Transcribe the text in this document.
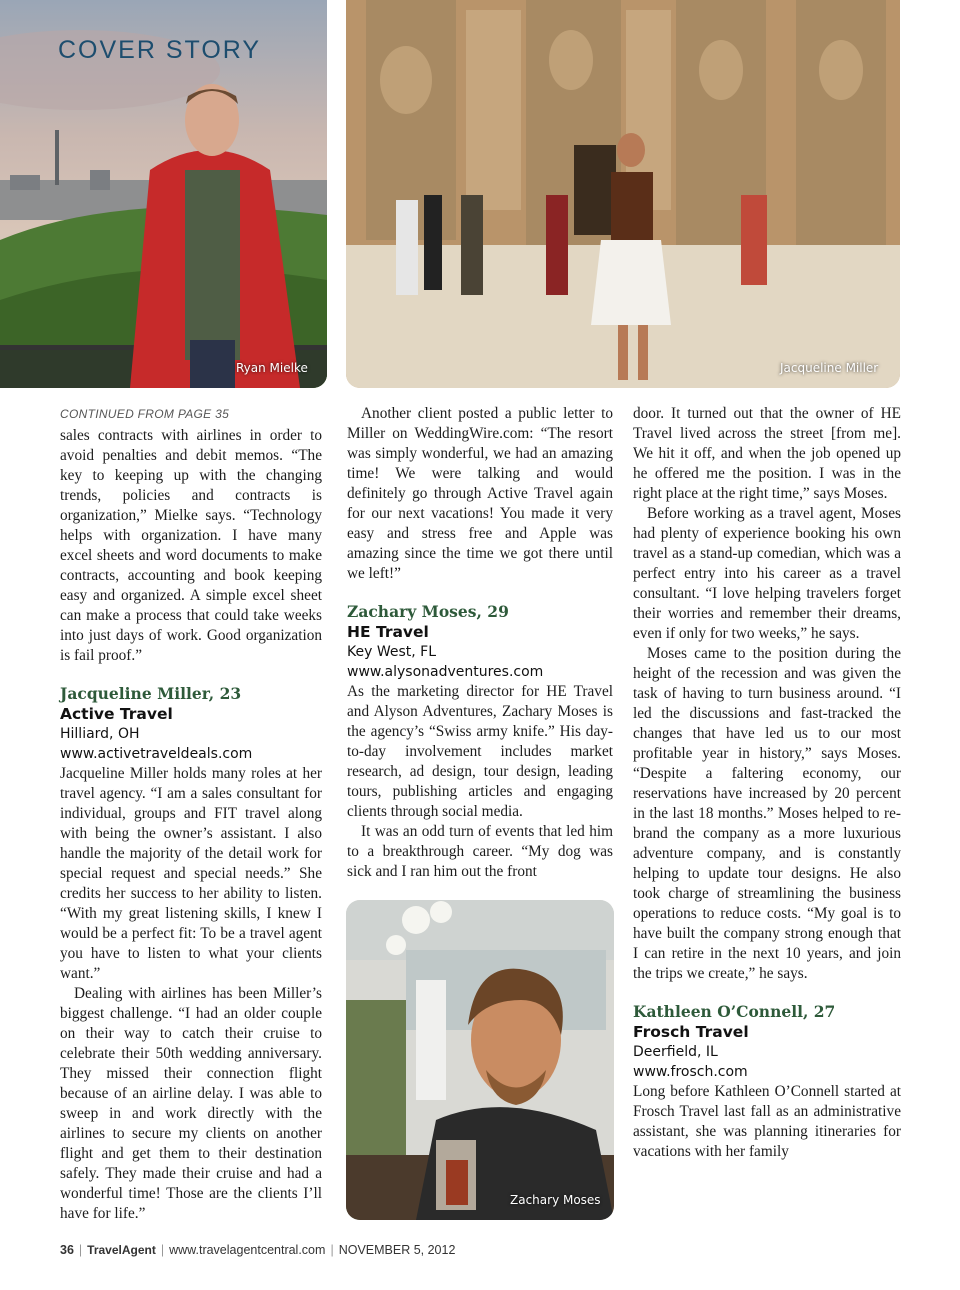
COVER STORY
Ryan Mielke	Jacqueline Miller
Zachary Moses
CONTINUED FROM PAGE 35

sales contracts with airlines in order to avoid penalties and debit memos. “The key to keeping up with the changing trends, policies and contracts is organization,” Mielke says. “Technology helps with organization. I have many excel sheets and word documents to make contracts, accounting and book keeping easy and organized. A simple excel sheet can make a process that could take weeks into just days of work. Good organization is fail proof.”

Jacqueline Miller, 23
Active Travel
Hilliard, OH
www.activetraveldeals.com

Jacqueline Miller holds many roles at her travel agency. “I am a sales consultant for individual, groups and FIT travel along with being the owner’s assistant. I also handle the majority of the detail work for special request and special needs.” She credits her success to her ability to listen. “With my great listening skills, I knew I would be a perfect fit: To be a travel agent you have to listen to what your clients want.”

Dealing with airlines has been Miller’s biggest challenge. “I had an older couple on their way to catch their cruise to celebrate their 50th wedding anniversary. They missed their connection flight because of an airline delay. I was able to sweep in and work directly with the airlines to secure my clients on another flight and get them to their destination safely. They made their cruise and had a wonderful time! Those are the clients I’ll have for life.”

Another client posted a public letter to Miller on WeddingWire.com: “The resort was simply wonderful, we had an amazing time! We were talking and would definitely go through Active Travel again for our next vacations! You made it very easy and stress free and Apple was amazing since the time we got there until we left!”

Zachary Moses, 29
HE Travel
Key West, FL
www.alysonadventures.com

As the marketing director for HE Travel and Alyson Adventures, Zachary Moses is the agency’s “Swiss army knife.” His day-to-day involvement includes market research, ad design, tour design, leading tours, publishing articles and engaging clients through social media.

It was an odd turn of events that led him to a breakthrough career. “My dog was sick and I ran him out the front

door. It turned out that the owner of HE Travel lived across the street [from me]. We hit it off, and when the job opened up he offered me the position. I was in the right place at the right time,” says Moses.

Before working as a travel agent, Moses had plenty of experience booking his own travel as a stand-up comedian, which was a perfect entry into his career as a travel consultant. “I love helping travelers forget their worries and remember their dreams, even if only for two weeks,” he says.

Moses came to the position during the height of the recession and was given the task of having to turn business around. “I led the discussions and fast-tracked the changes that have led us to our most profitable year in history,” says Moses. “Despite a faltering economy, our reservations have increased by 20 percent in the last 18 months.” Moses helped to re-brand the company as a more luxurious adventure company, and is constantly helping to update tour designs. He also took charge of streamlining the business operations to reduce costs. “My goal is to have built the company strong enough that I can retire in the next 10 years, and join the trips we create,” he says.

Kathleen O’Connell, 27
Frosch Travel
Deerfield, IL
www.frosch.com

Long before Kathleen O’Connell started at Frosch Travel last fall as an administrative assistant, she was planning itineraries for vacations with her family

36 | TravelAgent | www.travelagentcentral.com | NOVEMBER 5, 2012
